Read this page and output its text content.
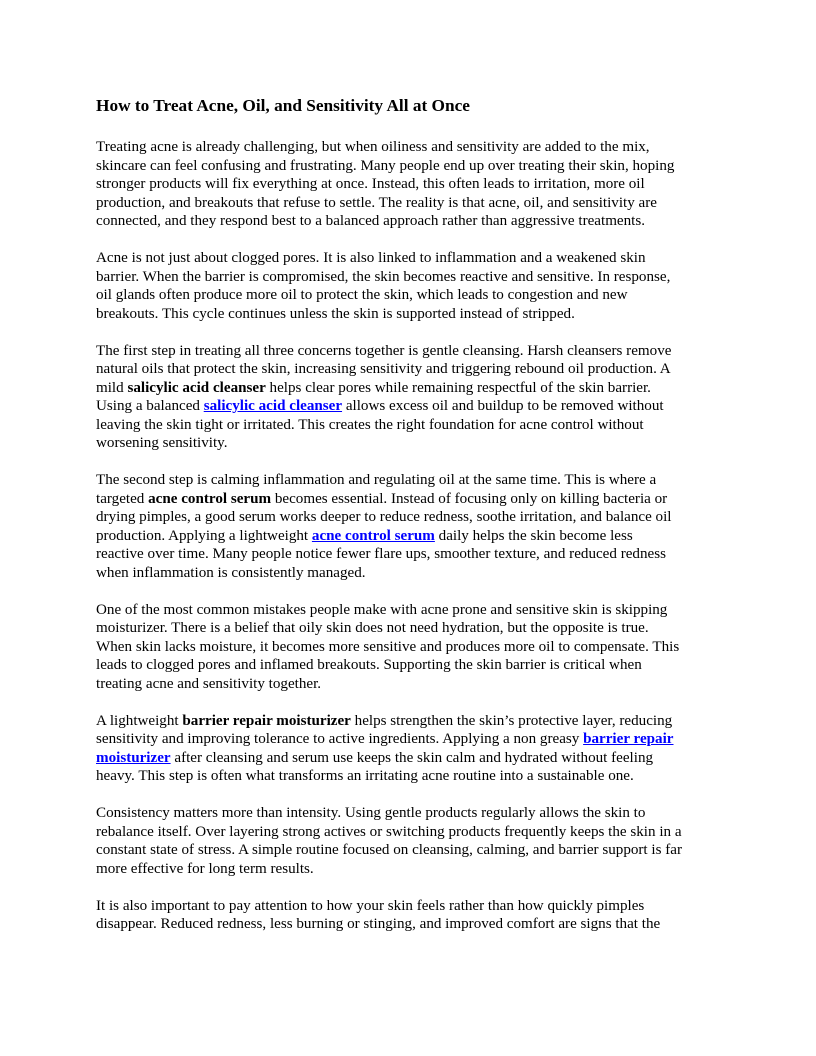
How to Treat Acne, Oil, and Sensitivity All at Once

Treating acne is already challenging, but when oiliness and sensitivity are added to the mix,
skincare can feel confusing and frustrating. Many people end up over treating their skin, hoping
stronger products will fix everything at once. Instead, this often leads to irritation, more oil
production, and breakouts that refuse to settle. The reality is that acne, oil, and sensitivity are
connected, and they respond best to a balanced approach rather than aggressive treatments.

Acne is not just about clogged pores. It is also linked to inflammation and a weakened skin
barrier. When the barrier is compromised, the skin becomes reactive and sensitive. In response,
oil glands often produce more oil to protect the skin, which leads to congestion and new
breakouts. This cycle continues unless the skin is supported instead of stripped.

The first step in treating all three concerns together is gentle cleansing. Harsh cleansers remove
natural oils that protect the skin, increasing sensitivity and triggering rebound oil production. A
mild salicylic acid cleanser helps clear pores while remaining respectful of the skin barrier.
Using a balanced salicylic acid cleanser allows excess oil and buildup to be removed without
leaving the skin tight or irritated. This creates the right foundation for acne control without
worsening sensitivity.

The second step is calming inflammation and regulating oil at the same time. This is where a
targeted acne control serum becomes essential. Instead of focusing only on killing bacteria or
drying pimples, a good serum works deeper to reduce redness, soothe irritation, and balance oil
production. Applying a lightweight acne control serum daily helps the skin become less
reactive over time. Many people notice fewer flare ups, smoother texture, and reduced redness
when inflammation is consistently managed.

One of the most common mistakes people make with acne prone and sensitive skin is skipping
moisturizer. There is a belief that oily skin does not need hydration, but the opposite is true.
When skin lacks moisture, it becomes more sensitive and produces more oil to compensate. This
leads to clogged pores and inflamed breakouts. Supporting the skin barrier is critical when
treating acne and sensitivity together.

A lightweight barrier repair moisturizer helps strengthen the skin’s protective layer, reducing
sensitivity and improving tolerance to active ingredients. Applying a non greasy barrier repair
moisturizer after cleansing and serum use keeps the skin calm and hydrated without feeling
heavy. This step is often what transforms an irritating acne routine into a sustainable one.

Consistency matters more than intensity. Using gentle products regularly allows the skin to
rebalance itself. Over layering strong actives or switching products frequently keeps the skin in a
constant state of stress. A simple routine focused on cleansing, calming, and barrier support is far
more effective for long term results.

It is also important to pay attention to how your skin feels rather than how quickly pimples
disappear. Reduced redness, less burning or stinging, and improved comfort are signs that the
